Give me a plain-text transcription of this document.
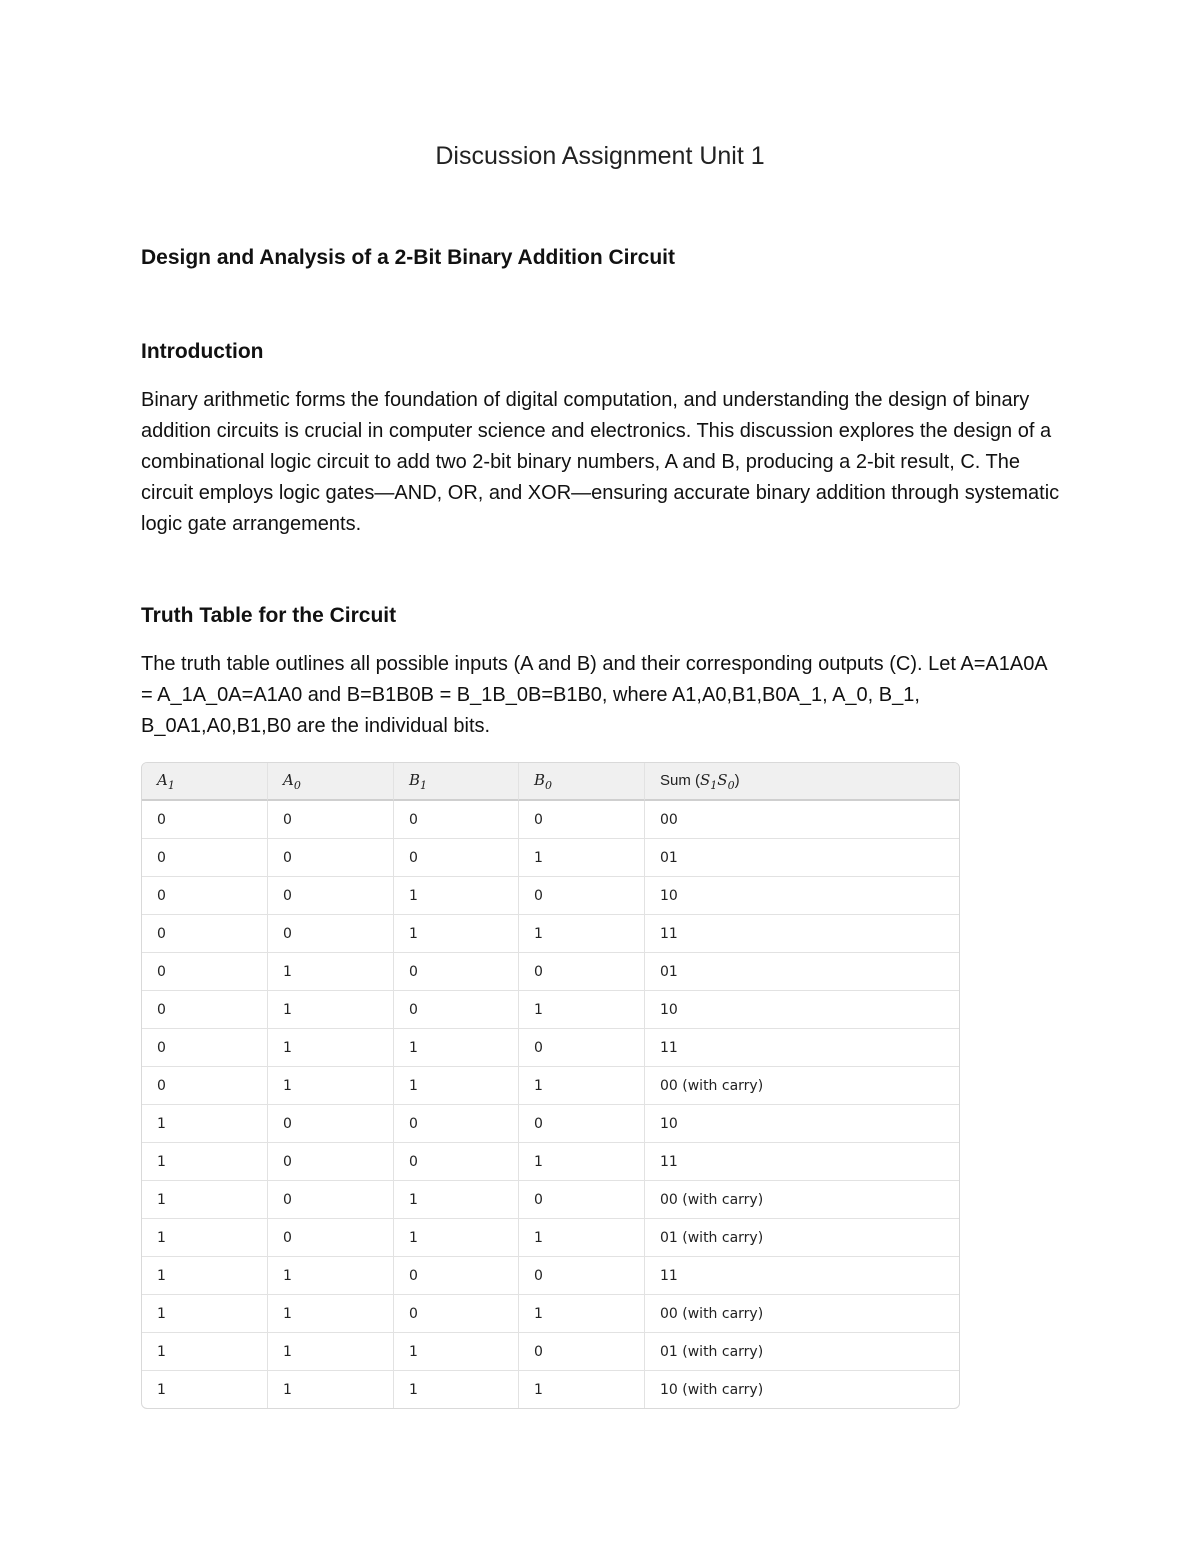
Discussion Assignment Unit 1
Design and Analysis of a 2-Bit Binary Addition Circuit
Introduction

Binary arithmetic forms the foundation of digital computation, and understanding the design of binary addition circuits is crucial in computer science and electronics. This discussion explores the design of a combinational logic circuit to add two 2-bit binary numbers, A and B, producing a 2-bit result, C. The circuit employs logic gates—AND, OR, and XOR—ensuring accurate binary addition through systematic logic gate arrangements.

Truth Table for the Circuit

The truth table outlines all possible inputs (A and B) and their corresponding outputs (C). Let A=A1A0A = A_1A_0A=A1A0 and B=B1B0B = B_1B_0B=B1B0, where A1,A0,B1,B0A_1, A_0, B_1, B_0A1,A0,B1,B0 are the individual bits.

$A_1$	$A_0$	$B_1$	$B_0$	Sum $(S_1S_0)$
0	0	0	0	00
0	0	0	1	01
0	0	1	0	10
0	0	1	1	11
0	1	0	0	01
0	1	0	1	10
0	1	1	0	11
0	1	1	1	00 (with carry)
1	0	0	0	10
1	0	0	1	11
1	0	1	0	00 (with carry)
1	0	1	1	01 (with carry)
1	1	0	0	11
1	1	0	1	00 (with carry)
1	1	1	0	01 (with carry)
1	1	1	1	10 (with carry)
